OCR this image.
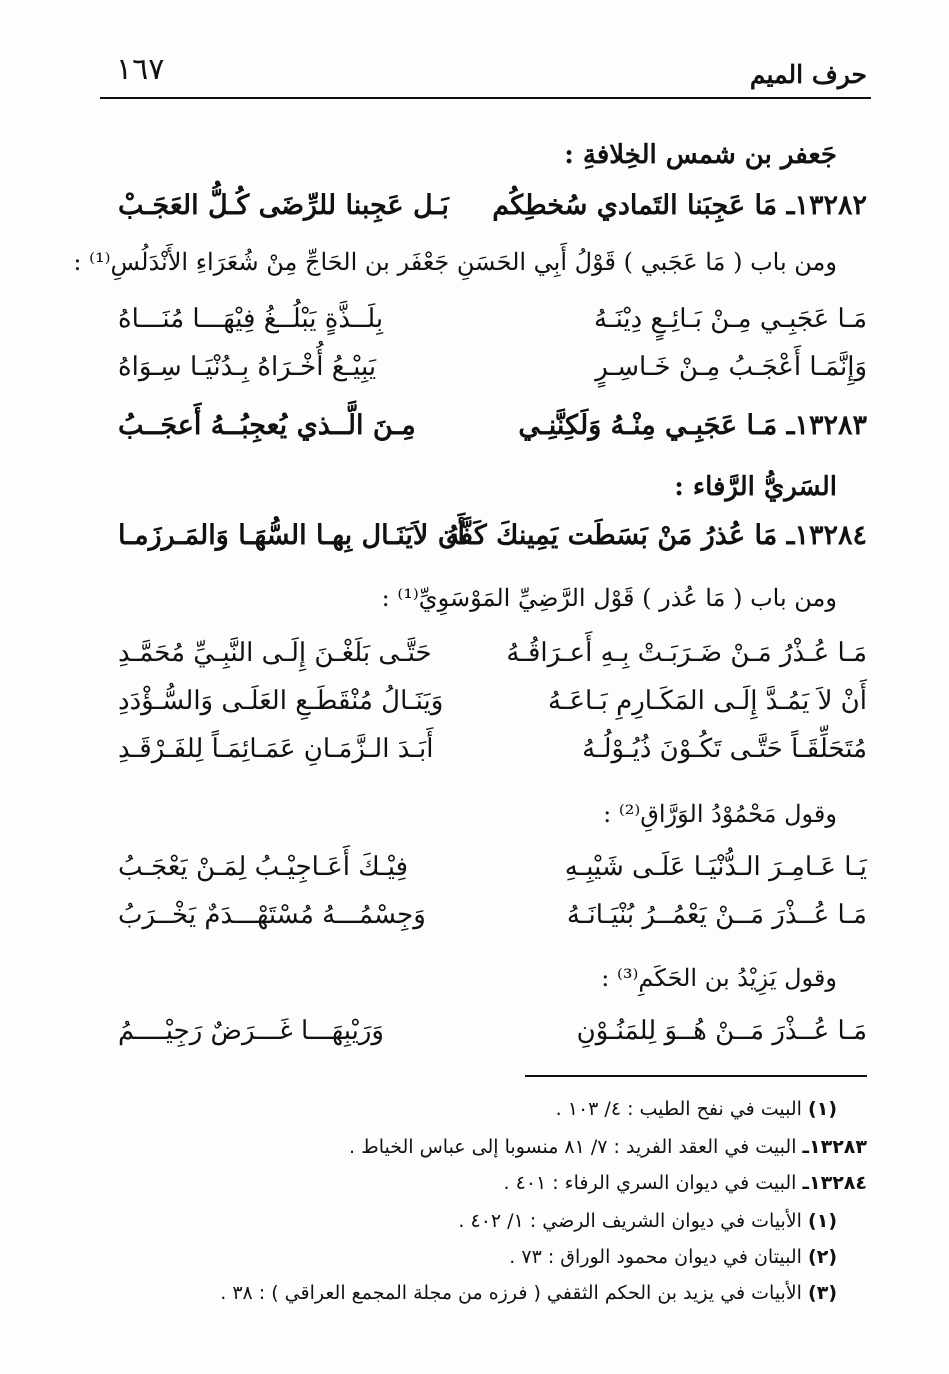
١٦٧	حرف الميم
جَعفر بن شمس الخِلافةِ :
١٣٢٨٢ـ مَا عَجِبَنا التَمادي سُخطِكُم
بَـل عَجِبنا للرِّضَى كُـلُّ العَجَـبْ
ومن باب ( مَا عَجَبي ) قَوْلُ أَبِي الحَسَنِ جَعْفَر بن الحَاجِّ مِنْ شُعَرَاءِ الأَنْدَلُسِ⁽¹⁾ :
مَـا عَجَبِـي مِـنْ بَـائِـعٍ دِيْنَـهُ
بِلَــذَّةٍ يَبْلُــغُ فِيْهَـــا مُنَـــاهُ
وَإِنَّمَـا أَعْجَـبُ مِـنْ خَـاسِـرٍ
يَبِيْـعُ أُخْـرَاهُ بِـدُنْيَـا سِـوَاهُ
١٣٢٨٣ـ مَـا عَجَبِـي مِنْـهُ وَلَكِنَّنِـي
مِـنَ الَّــذي يُعجِبُــهُ أَعجَــبُ
السَريُّ الرَّفاء :
١٣٢٨٤ـ مَا عُذرُ مَنْ بَسَطَت يَمِينكَ كَفَّهُ
أَن لاَيَنَـال بِهـا السُّهَـا وَالمَـرزَمـا
ومن باب ( مَا عُذر ) قَوْل الرَّضِيِّ المَوْسَوِيِّ⁽¹⁾ :
مَـا عُـذْرُ مَـنْ ضَـرَبَـتْ بِـهِ أَعـرَاقُـهُ
حَتَّـى بَلَغْـنَ إِلَـى النَّبِـيِّ مُحَمَّـدِ
أَنْ لاَ يَمُـدَّ إِلَـى المَكَـارِمِ بَـاعَـهُ
وَيَنَـالُ مُنْقَطَـعِ العَلَـى وَالسُّـؤْدَدِ
مُتَحَلِّقَـاً حَتَّـى تَكُـوْنَ ذُيُـوْلُـهُ
أَبَـدَ الـزَّمَـانِ عَمَـائِمَـاً لِلفَـرْقَـدِ
وقول مَحْمُوْدُ الوَرَّاقِ⁽²⁾ :
يَـا عَـامِـرَ الـدُّنْيَـا عَلَـى شَيْبِـهِ
فِيْـكَ أَعَـاجِيْـبُ لِمَـنْ يَعْجَـبُ
مَـا عُــذْرَ مَــنْ يَعْمُــرُ بُنْيَـانَـهُ
وَجِسْمُـــهُ مُسْتَهْـــدَمٌ يَخْــرَبُ
وقول يَزِيْدُ بن الحَكَمِ⁽³⁾ :
مَـا عُــذْرَ مَــنْ هُــوَ لِلمَنُـوْنِ
وَرَيْبِهَـــا غَـــرَضٌ رَجِيْــــمُ
(١) البيت في نفح الطيب : ٤/ ١٠٣ .
١٣٢٨٣ـ البيت في العقد الفريد : ٧/ ٨١ منسوبا إلى عباس الخياط .
١٣٢٨٤ـ البيت في ديوان السري الرفاء : ٤٠١ .
(١) الأبيات في ديوان الشريف الرضي : ١/ ٤٠٢ .
(٢) البيتان في ديوان محمود الوراق : ٧٣ .
(٣) الأبيات في يزيد بن الحكم الثقفي ( فرزه من مجلة المجمع العراقي ) : ٣٨ .
